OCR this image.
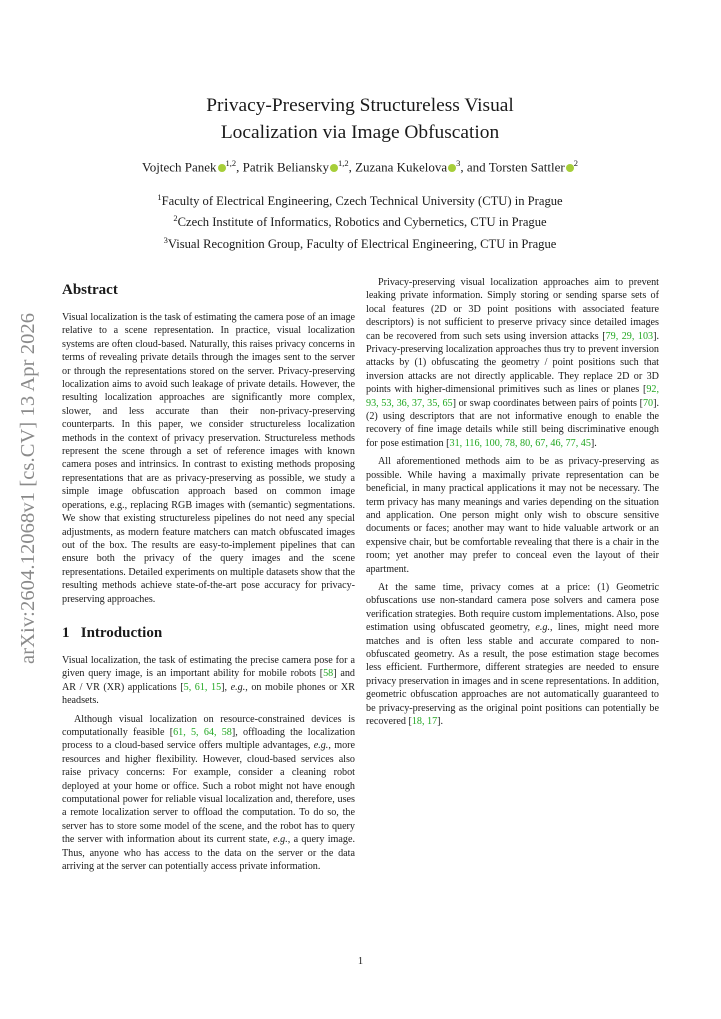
arXiv:2604.12068v1 [cs.CV] 13 Apr 2026
Privacy-Preserving Structureless Visual
Localization via Image Obfuscation
Vojtech Panek $^{1,2}$, Patrik Beliansky $^{1,2}$, Zuzana Kukelova $^3$, and Torsten Sattler $^2$
$^1$Faculty of Electrical Engineering, Czech Technical University (CTU) in Prague
$^2$Czech Institute of Informatics, Robotics and Cybernetics, CTU in Prague
$^3$Visual Recognition Group, Faculty of Electrical Engineering, CTU in Prague
Abstract

Visual localization is the task of estimating the camera pose of an image relative to a scene representation. In practice, visual localization systems are often cloud-based. Naturally, this raises privacy concerns in terms of revealing private details through the images sent to the server or through the representations stored on the server. Privacy-preserving localization aims to avoid such leakage of private details. However, the resulting localization approaches are significantly more complex, slower, and less accurate than their non-privacy-preserving counterparts. In this paper, we consider structureless localization methods in the context of privacy preservation. Structureless methods represent the scene through a set of reference images with known camera poses and intrinsics. In contrast to existing methods proposing representations that are as privacy-preserving as possible, we study a simple image obfuscation approach based on common image operations, e.g., replacing RGB images with (semantic) segmentations. We show that existing structureless pipelines do not need any special adjustments, as modern feature matchers can match obfuscated images out of the box. The results are easy-to-implement pipelines that can ensure both the privacy of the query images and the scene representations. Detailed experiments on multiple datasets show that the resulting methods achieve state-of-the-art pose accuracy for privacy-preserving approaches.

1 Introduction

Visual localization, the task of estimating the precise camera pose for a given query image, is an important ability for mobile robots [58] and AR / VR (XR) applications [5, 61, 15], e.g., on mobile phones or XR headsets.

Although visual localization on resource-constrained devices is computationally feasible [61, 5, 64, 58], offloading the localization process to a cloud-based service offers multiple advantages, e.g., more resources and higher flexibility. However, cloud-based services also raise privacy concerns: For example, consider a cleaning robot deployed at your home or office. Such a robot might not have enough computational power for reliable visual localization and, therefore, uses a remote localization server to offload the computation. To do so, the server has to store some model of the scene, and the robot has to query the server with information about its current state, e.g., a query image. Thus, anyone who has access to the data on the server or the data arriving at the server can potentially access private information.

Privacy-preserving visual localization approaches aim to prevent leaking private information. Simply storing or sending sparse sets of local features (2D or 3D point positions with associated feature descriptors) is not sufficient to preserve privacy since detailed images can be recovered from such sets using inversion attacks [79, 29, 103]. Privacy-preserving localization approaches thus try to prevent inversion attacks by (1) obfuscating the geometry / point positions such that inversion attacks are not directly applicable. They replace 2D or 3D points with higher-dimensional primitives such as lines or planes [92, 93, 53, 36, 37, 35, 65] or swap coordinates between pairs of points [70]. (2) using descriptors that are not informative enough to enable the recovery of fine image details while still being discriminative enough for pose estimation [31, 116, 100, 78, 80, 67, 46, 77, 45].

All aforementioned methods aim to be as privacy-preserving as possible. While having a maximally private representation can be beneficial, in many practical applications it may not be necessary. The term privacy has many meanings and varies depending on the situation and application. One person might only wish to obscure sensitive documents or faces; another may want to hide valuable artwork or an expensive chair, but be comfortable revealing that there is a chair in the room; yet another may prefer to conceal even the layout of their apartment.

At the same time, privacy comes at a price: (1) Geometric obfuscations use non-standard camera pose solvers and camera pose verification strategies. Both require custom implementations. Also, pose estimation using obfuscated geometry, e.g., lines, might need more matches and is often less stable and accurate compared to non-obfuscated geometry. As a result, the pose estimation stage becomes less efficient. Furthermore, different strategies are needed to ensure privacy preservation in images and in scene representations. In addition, geometric obfuscation approaches are not automatically guaranteed to be privacy-preserving as the original point positions can potentially be recovered [18, 17].

1
